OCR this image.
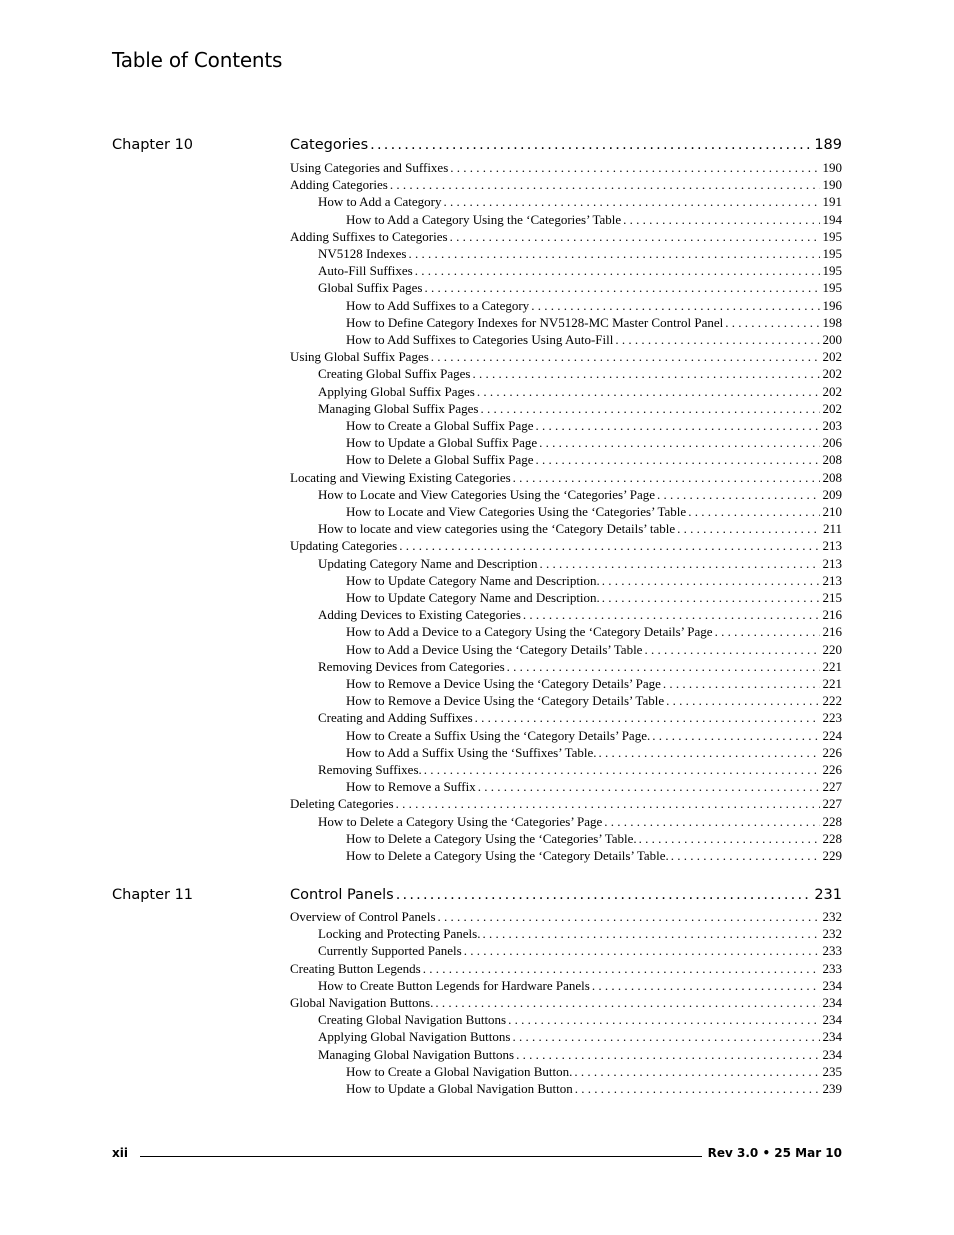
Table of Contents
Chapter 10	Categories .....	189
Using Categories and Suffixes . . .	190
Adding Categories . . .	190
How to Add a Category . . .	191
How to Add a Category Using the ‘Categories’ Table . . .	194
Adding Suffixes to Categories . . .	195
NV5128 Indexes . . .	195
Auto-Fill Suffixes . . .	195
Global Suffix Pages . . .	195
How to Add Suffixes to a Category . . .	196
How to Define Category Indexes for NV5128-MC Master Control Panel . . .	198
How to Add Suffixes to Categories Using Auto-Fill . . .	200
Using Global Suffix Pages . . .	202
Creating Global Suffix Pages . . .	202
Applying Global Suffix Pages . . .	202
Managing Global Suffix Pages . . .	202
How to Create a Global Suffix Page . . .	203
How to Update a Global Suffix Page . . .	206
How to Delete a Global Suffix Page . . .	208
Locating and Viewing Existing Categories . . .	208
How to Locate and View Categories Using the ‘Categories’ Page . . .	209
How to Locate and View Categories Using the ‘Categories’ Table . . .	210
How to locate and view categories using the ‘Category Details’ table . . .	211
Updating Categories . . .	213
Updating Category Name and Description . . .	213
How to Update Category Name and Description. . . .	213
How to Update Category Name and Description. . . .	215
Adding Devices to Existing Categories . . .	216
How to Add a Device to a Category Using the ‘Category Details’ Page . . .	216
How to Add a Device Using the ‘Category Details’ Table . . .	220
Removing Devices from Categories . . .	221
How to Remove a Device Using the ‘Category Details’ Page . . .	221
How to Remove a Device Using the ‘Category Details’ Table . . .	222
Creating and Adding Suffixes . . .	223
How to Create a Suffix Using the ‘Category Details’ Page. . . .	224
How to Add a Suffix Using the ‘Suffixes’ Table. . . .	226
Removing Suffixes. . . .	226
How to Remove a Suffix . . .	227
Deleting Categories . . .	227
How to Delete a Category Using the ‘Categories’ Page . . .	228
How to Delete a Category Using the ‘Categories’ Table. . . .	228
How to Delete a Category Using the ‘Category Details’ Table. . . .	229
Chapter 11	Control Panels .....	231
Overview of Control Panels . . .	232
Locking and Protecting Panels. . . .	232
Currently Supported Panels . . .	233
Creating Button Legends . . .	233
How to Create Button Legends for Hardware Panels . . .	234
Global Navigation Buttons. . . .	234
Creating Global Navigation Buttons . . .	234
Applying Global Navigation Buttons . . .	234
Managing Global Navigation Buttons . . .	234
How to Create a Global Navigation Button. . . .	235
How to Update a Global Navigation Button . . .	239
xii	Rev 3.0 • 25 Mar 10
